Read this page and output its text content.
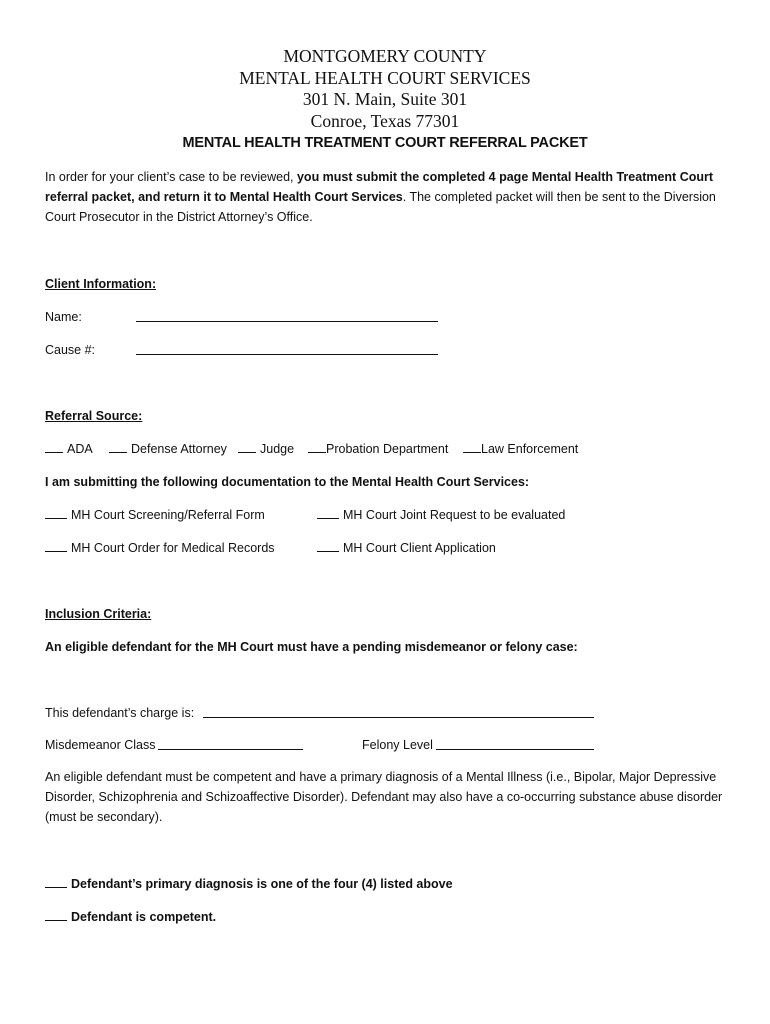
MONTGOMERY COUNTY
MENTAL HEALTH COURT SERVICES
301 N. Main, Suite 301
Conroe, Texas 77301
MENTAL HEALTH TREATMENT COURT REFERRAL PACKET
In order for your client’s case to be reviewed, you must submit the completed 4 page Mental Health Treatment Court referral packet, and return it to Mental Health Court Services. The completed packet will then be sent to the Diversion Court Prosecutor in the District Attorney’s Office.
Client Information:
Name:
Cause #:
Referral Source:
ADA	Defense Attorney	Judge	Probation Department	Law Enforcement
I am submitting the following documentation to the Mental Health Court Services:
MH Court Screening/Referral Form	MH Court Joint Request to be evaluated
MH Court Order for Medical Records	MH Court Client Application
Inclusion Criteria:
An eligible defendant for the MH Court must have a pending misdemeanor or felony case:
This defendant’s charge is:
Misdemeanor Class	Felony Level
An eligible defendant must be competent and have a primary diagnosis of a Mental Illness (i.e., Bipolar, Major Depressive Disorder, Schizophrenia and Schizoaffective Disorder). Defendant may also have a co-occurring substance abuse disorder (must be secondary).
Defendant’s primary diagnosis is one of the four (4) listed above
Defendant is competent.
